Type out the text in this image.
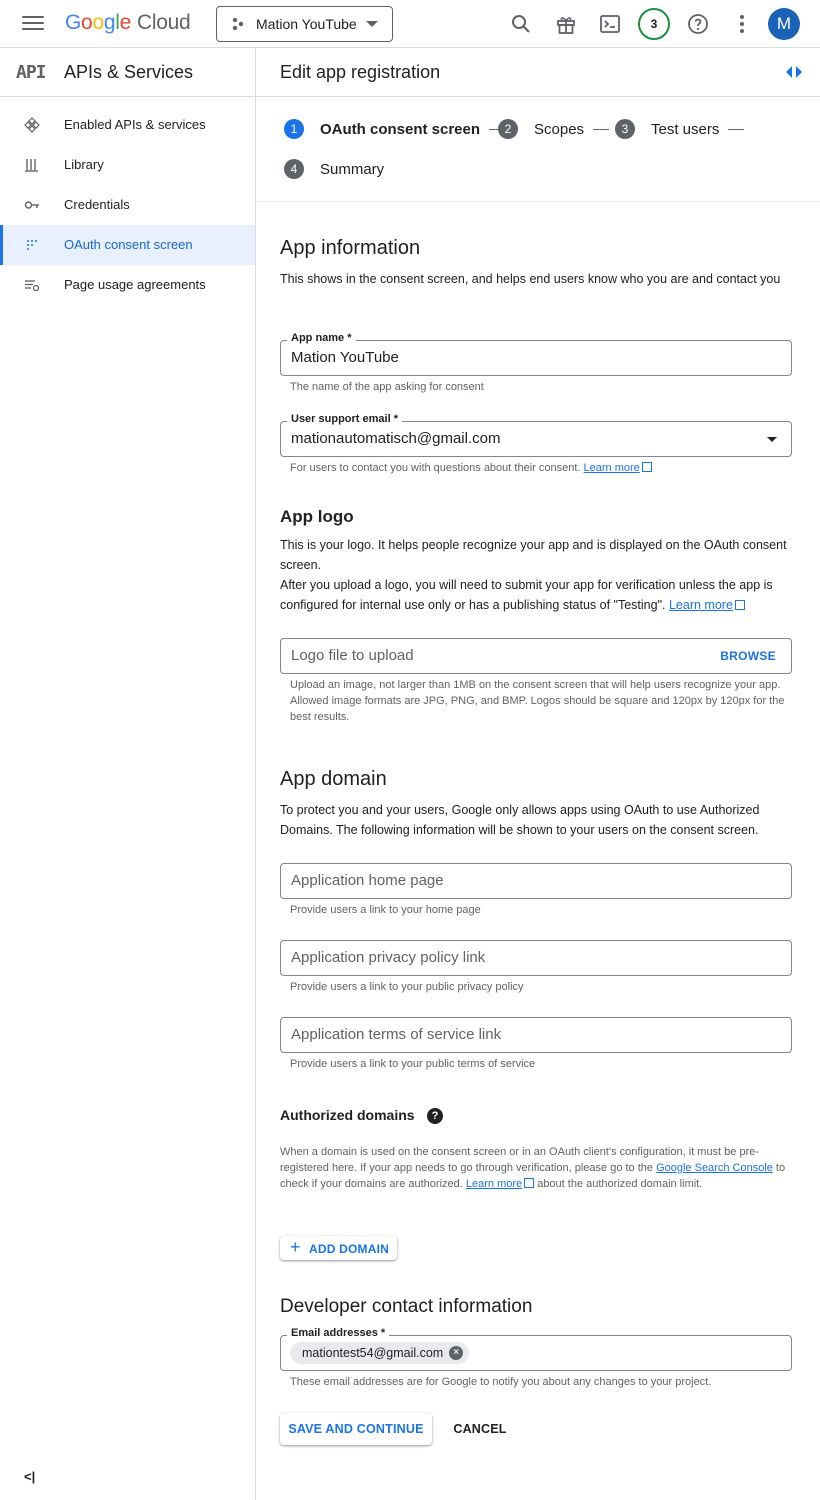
Google Cloud	Mation YouTube	3	M
API APIs & Services
Enabled APIs & services
Library
Credentials
OAuth consent screen
Page usage agreements
<|
Edit app registration
1	OAuth consent screen	2	Scopes	3	Test users
4	Summary
App information
This shows in the consent screen, and helps end users know who you are and contact you
App name *
Mation YouTube
The name of the app asking for consent
User support email *
mationautomatisch@gmail.com
For users to contact you with questions about their consent. Learn more
App logo
This is your logo. It helps people recognize your app and is displayed on the OAuth consent screen.
After you upload a logo, you will need to submit your app for verification unless the app is configured for internal use only or has a publishing status of "Testing". Learn more
Logo file to upload	BROWSE
Upload an image, not larger than 1MB on the consent screen that will help users recognize your app. Allowed image formats are JPG, PNG, and BMP. Logos should be square and 120px by 120px for the best results.
App domain
To protect you and your users, Google only allows apps using OAuth to use Authorized Domains. The following information will be shown to your users on the consent screen.
Application home page
Provide users a link to your home page
Application privacy policy link
Provide users a link to your public privacy policy
Application terms of service link
Provide users a link to your public terms of service
Authorized domains	?
When a domain is used on the consent screen or in an OAuth client's configuration, it must be pre-registered here. If your app needs to go through verification, please go to the Google Search Console to check if your domains are authorized. Learn more about the authorized domain limit.
+ ADD DOMAIN
Developer contact information
Email addresses *
mationtest54@gmail.com	×
These email addresses are for Google to notify you about any changes to your project.
SAVE AND CONTINUE	CANCEL
